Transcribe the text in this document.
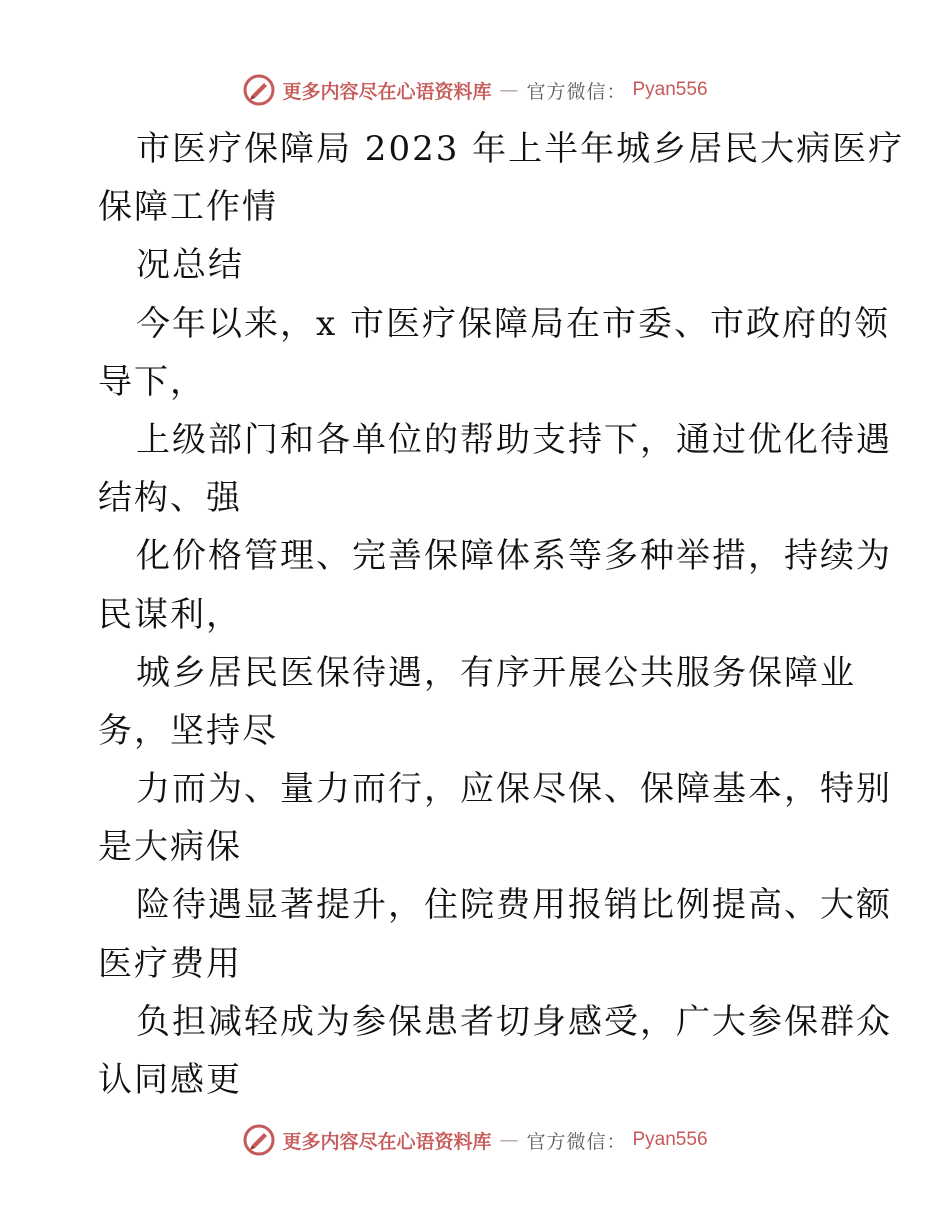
更多内容尽在心语资料库 — 官方微信： Pyan556
市医疗保障局 2023 年上半年城乡居民大病医疗
保障工作情
况总结
今年以来，x 市医疗保障局在市委、市政府的领
导下，
上级部门和各单位的帮助支持下，通过优化待遇
结构、强
化价格管理、完善保障体系等多种举措，持续为
民谋利，
城乡居民医保待遇，有序开展公共服务保障业
务，坚持尽
力而为、量力而行，应保尽保、保障基本，特别
是大病保
险待遇显著提升，住院费用报销比例提高、大额
医疗费用
负担减轻成为参保患者切身感受，广大参保群众
认同感更
更多内容尽在心语资料库 — 官方微信： Pyan556
